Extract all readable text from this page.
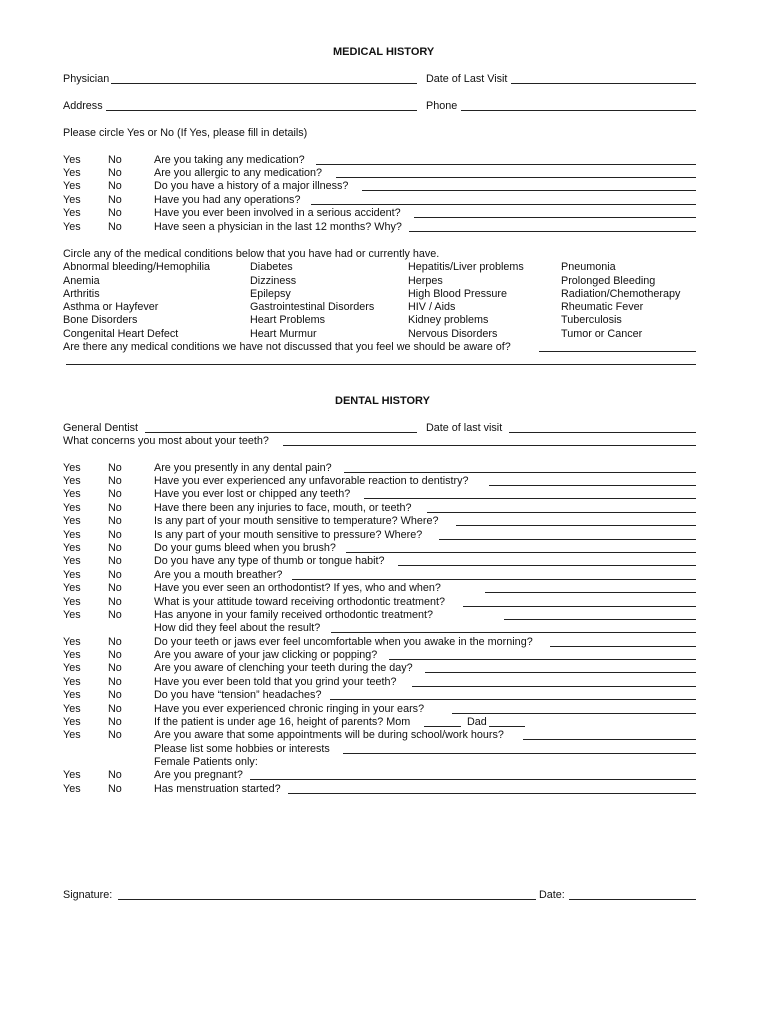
MEDICAL HISTORY
Physician	Date of Last Visit
Address	Phone
Please circle Yes or No (If Yes, please fill in details)
Yes	No	Are you taking any medication?
Yes	No	Are you allergic to any medication?
Yes	No	Do you have a history of a major illness?
Yes	No	Have you had any operations?
Yes	No	Have you ever been involved in a serious accident?
Yes	No	Have seen a physician in the last 12 months? Why?
Circle any of the medical conditions below that you have had or currently have.
Abnormal bleeding/Hemophilia	Diabetes	Hepatitis/Liver problems	Pneumonia
Anemia	Dizziness	Herpes	Prolonged Bleeding
Arthritis	Epilepsy	High Blood Pressure	Radiation/Chemotherapy
Asthma or Hayfever	Gastrointestinal Disorders	HIV / Aids	Rheumatic Fever
Bone Disorders	Heart Problems	Kidney problems	Tuberculosis
Congenital Heart Defect	Heart Murmur	Nervous Disorders	Tumor or Cancer
Are there any medical conditions we have not discussed that you feel we should be aware of?
DENTAL HISTORY
General Dentist	Date of last visit
What concerns you most about your teeth?
Yes	No	Are you presently in any dental pain?
Yes	No	Have you ever experienced any unfavorable reaction to dentistry?
Yes	No	Have you ever lost or chipped any teeth?
Yes	No	Have there been any injuries to face, mouth, or teeth?
Yes	No	Is any part of your mouth sensitive to temperature? Where?
Yes	No	Is any part of your mouth sensitive to pressure? Where?
Yes	No	Do your gums bleed when you brush?
Yes	No	Do you have any type of thumb or tongue habit?
Yes	No	Are you a mouth breather?
Yes	No	Have you ever seen an orthodontist? If yes, who and when?
Yes	No	What is your attitude toward receiving orthodontic treatment?
Yes	No	Has anyone in your family received orthodontic treatment?
How did they feel about the result?
Yes	No	Do your teeth or jaws ever feel uncomfortable when you awake in the morning?
Yes	No	Are you aware of your jaw clicking or popping?
Yes	No	Are you aware of clenching your teeth during the day?
Yes	No	Have you ever been told that you grind your teeth?
Yes	No	Do you have “tension” headaches?
Yes	No	Have you ever experienced chronic ringing in your ears?
Yes	No	If the patient is under age 16, height of parents? Mom	Dad
Yes	No	Are you aware that some appointments will be during school/work hours?
Please list some hobbies or interests
Female Patients only:
Yes	No	Are you pregnant?
Yes	No	Has menstruation started?
Signature:	Date:
